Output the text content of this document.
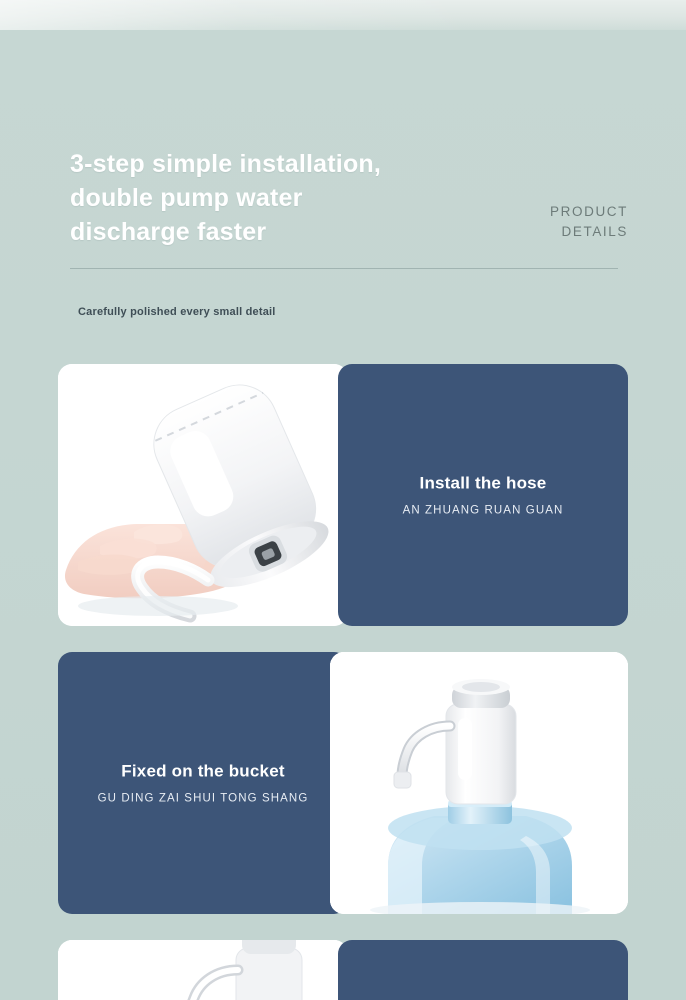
3-step simple installation,
double pump water
discharge faster
PRODUCT
DETAILS
Carefully polished every small detail
Install the hose
AN ZHUANG RUAN GUAN
Fixed on the bucket
GU DING ZAI SHUI TONG SHANG
